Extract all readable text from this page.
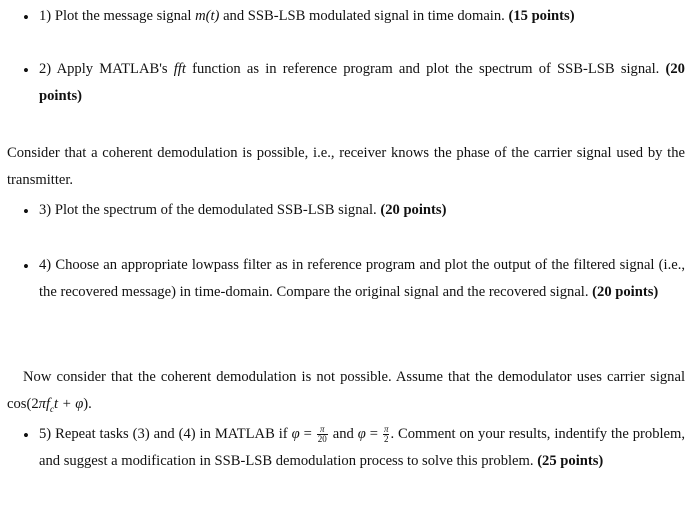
• 1) Plot the message signal m(t) and SSB-LSB modulated signal in time domain. (15 points)
• 2) Apply MATLAB's fft function as in reference program and plot the spectrum of SSB-LSB signal. (20 points)
Consider that a coherent demodulation is possible, i.e., receiver knows the phase of the carrier signal used by the transmitter.
• 3) Plot the spectrum of the demodulated SSB-LSB signal. (20 points)
• 4) Choose an appropriate lowpass filter as in reference program and plot the output of the filtered signal (i.e., the recovered message) in time-domain. Compare the original signal and the recovered signal. (20 points)
Now consider that the coherent demodulation is not possible. Assume that the demodulator uses carrier signal $\cos(2\pi f_ct + \varphi)$.
• 5) Repeat tasks (3) and (4) in MATLAB if $\varphi = \frac{\pi}{20}$ and $\varphi = \frac{\pi}{2}$ . Comment on your results, indentify the problem, and suggest a modification in SSB-LSB demodulation process to solve this problem. (25 points)
